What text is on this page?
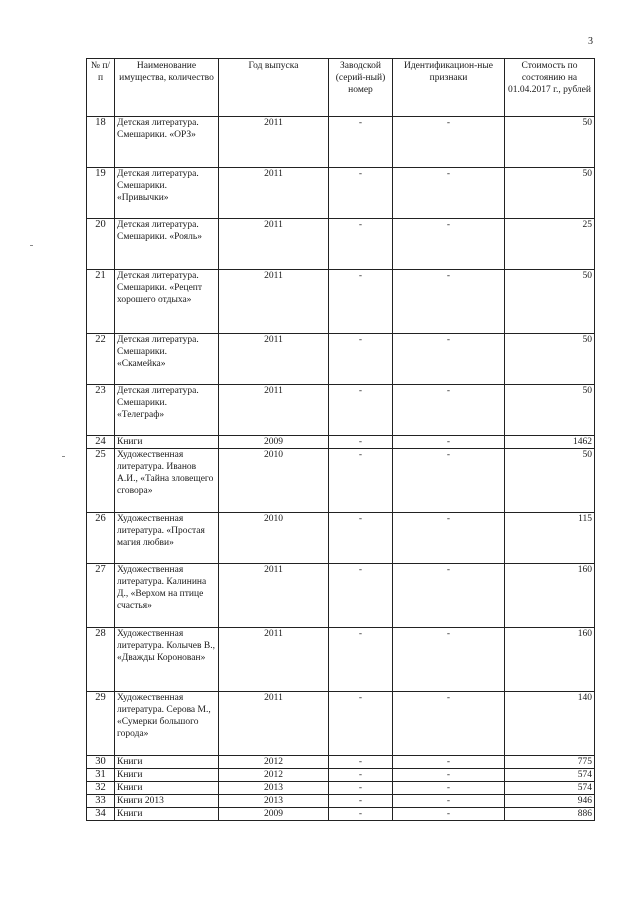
3
№ п/п	Наименование имущества, количество	Год выпуска	Заводской (серий-ный) номер	Идентификацион-ные признаки	Стоимость по состоянию на 01.04.2017 г., рублей
18	Детская литература. Смешарики. «ОРЗ»	2011	-	-	50
19	Детская литература. Смешарики. «Привычки»	2011	-	-	50
20	Детская литература. Смешарики. «Рояль»	2011	-	-	25
21	Детская литература. Смешарики. «Рецепт хорошего отдыха»	2011	-	-	50
22	Детская литература. Смешарики. «Скамейка»	2011	-	-	50
23	Детская литература. Смешарики. «Телеграф»	2011	-	-	50
24	Книги	2009	-	-	1462
25	Художественная литература. Иванов А.И., «Тайна зловещего сговора»	2010	-	-	50
26	Художественная литература. «Простая магия любви»	2010	-	-	115
27	Художественная литература. Калинина Д., «Верхом на птице счастья»	2011	-	-	160
28	Художественная литература. Колычев В., «Дважды Коронован»	2011	-	-	160
29	Художественная литература. Серова М., «Сумерки большого города»	2011	-	-	140
30	Книги	2012	-	-	775
31	Книги	2012	-	-	574
32	Книги	2013	-	-	574
33	Книги 2013	2013	-	-	946
34	Книги	2009	-	-	886
